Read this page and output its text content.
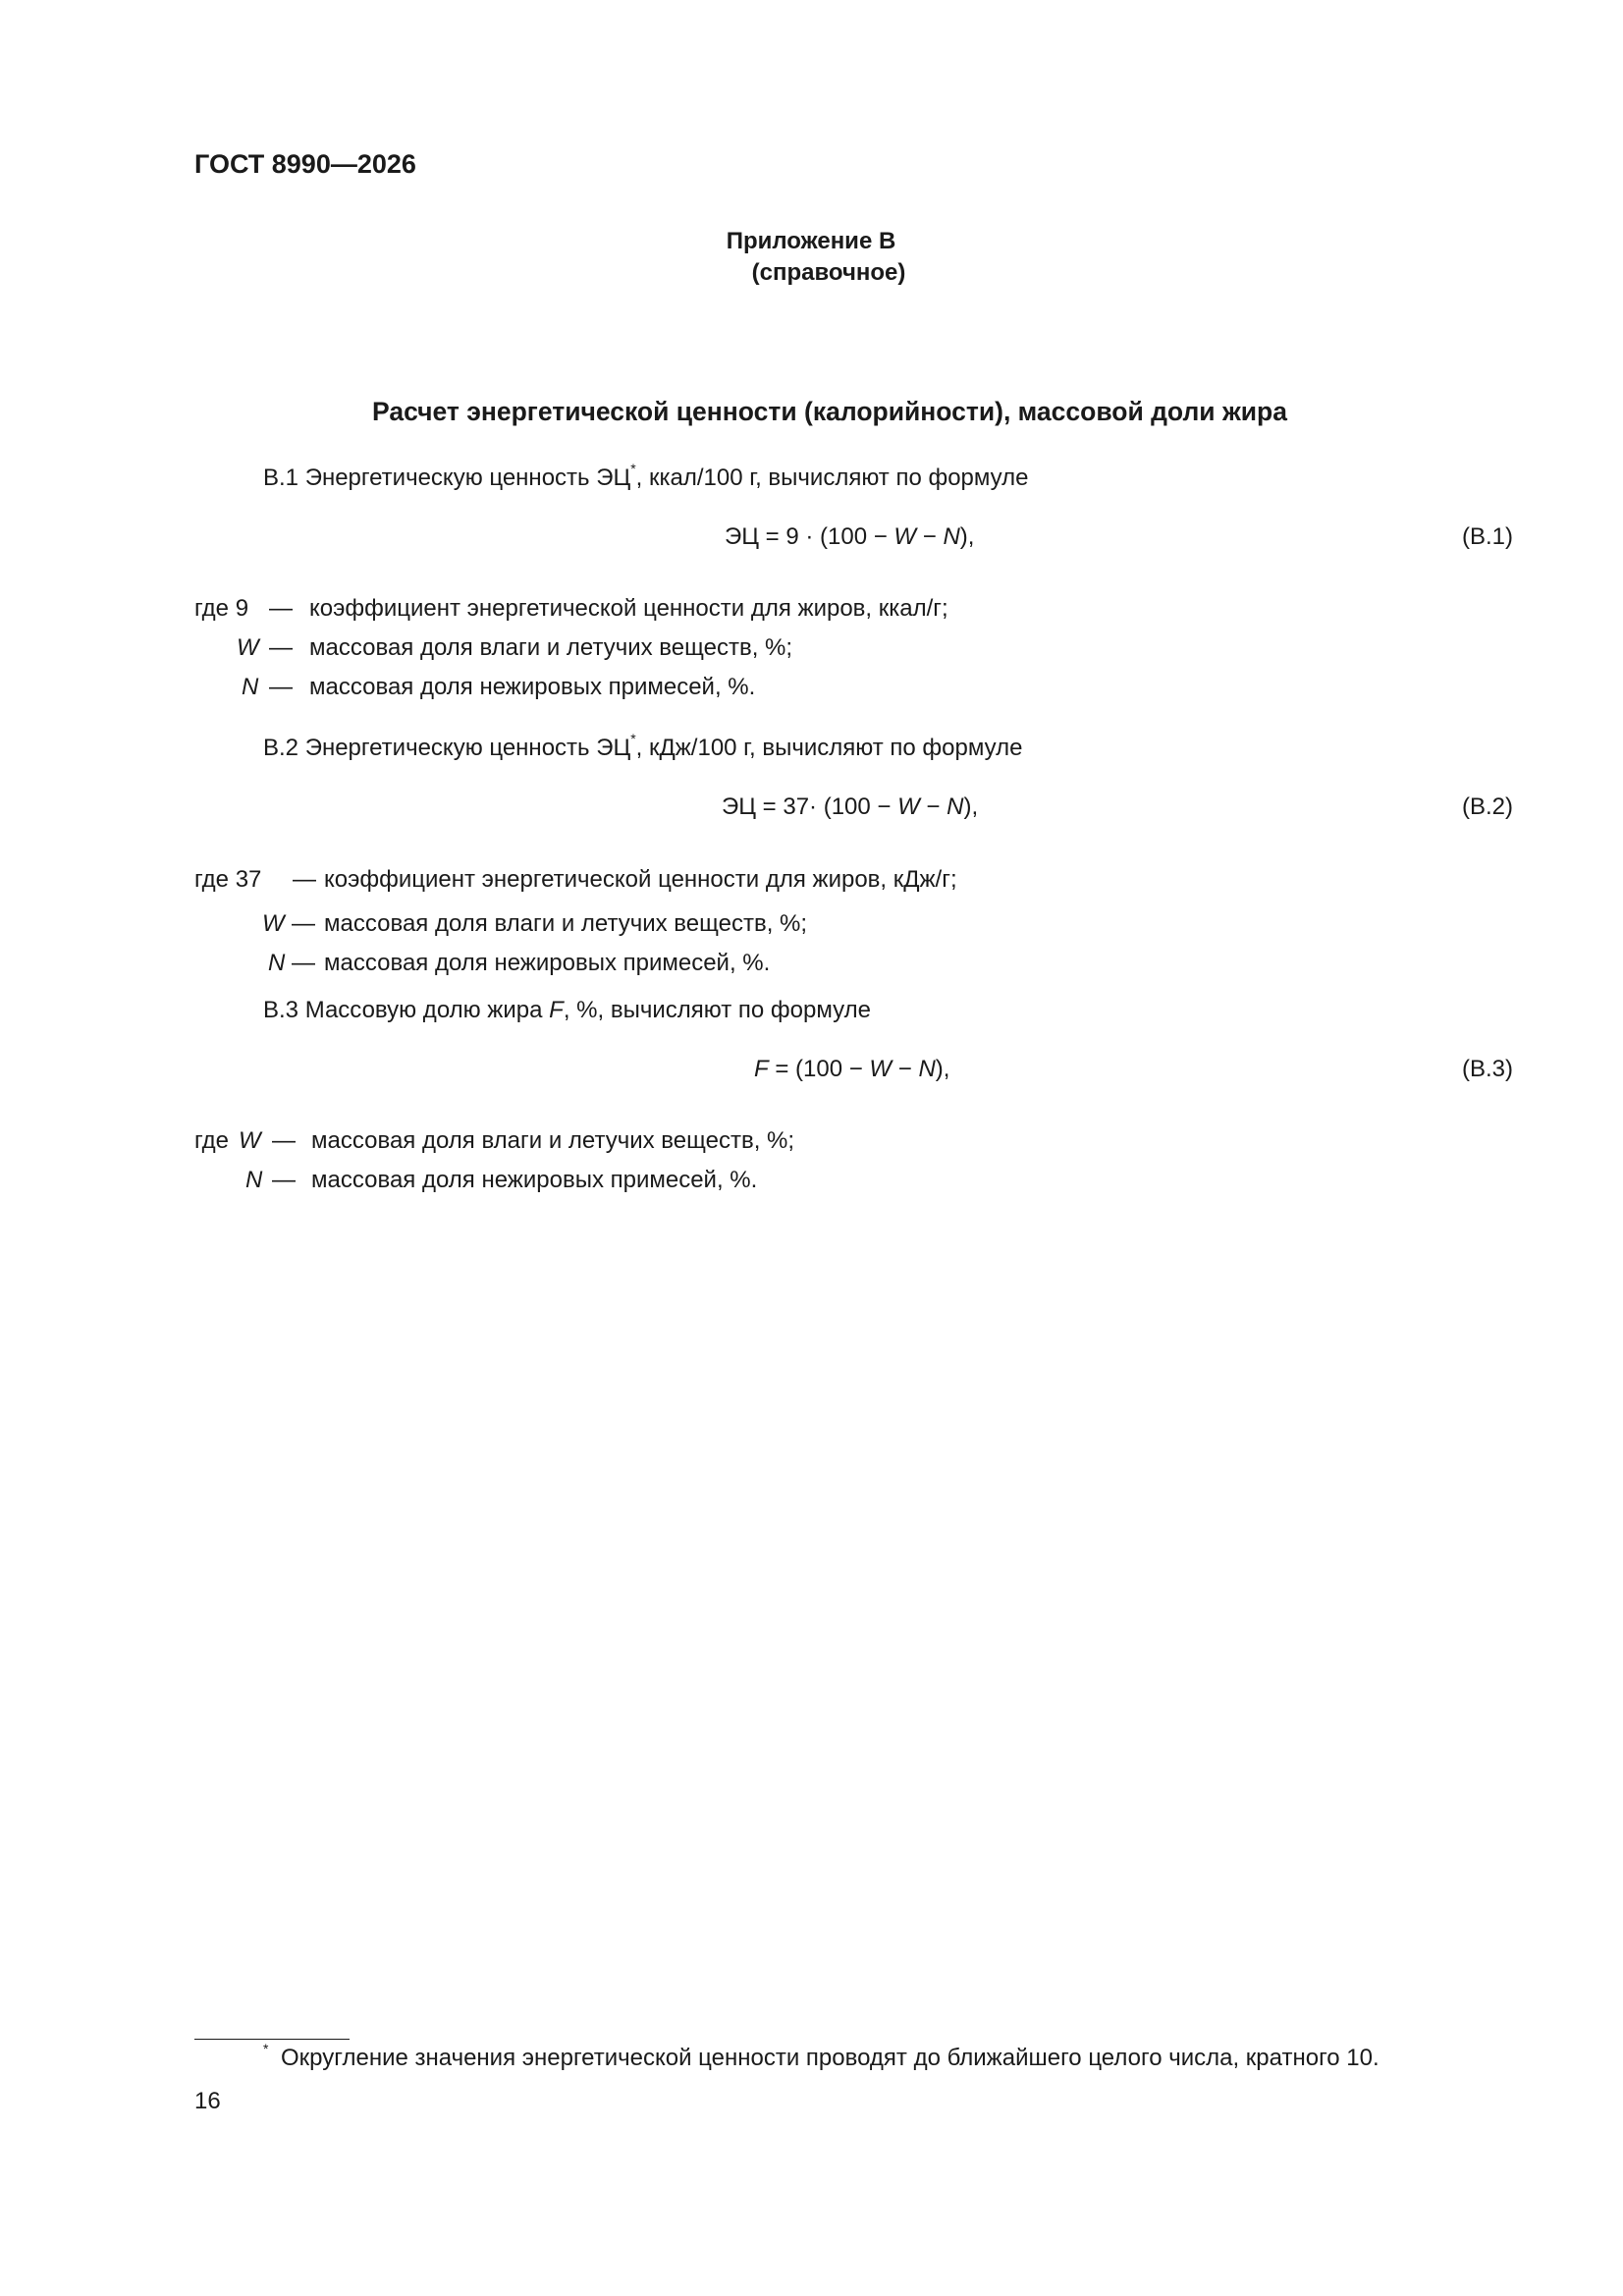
ГОСТ 8990—2026
Приложение В
(справочное)
Расчет энергетической ценности (калорийности), массовой доли жира
В.1 Энергетическую ценность ЭЦ*, ккал/100 г, вычисляют по формуле
ЭЦ = 9 · (100 − W − N),	(В.1)
где 9 — коэффициент энергетической ценности для жиров, ккал/г;
W — массовая доля влаги и летучих веществ, %;
N — массовая доля нежировых примесей, %.
В.2 Энергетическую ценность ЭЦ*, кДж/100 г, вычисляют по формуле
ЭЦ = 37· (100 − W − N),	(В.2)
где 37 — коэффициент энергетической ценности для жиров, кДж/г;
W — массовая доля влаги и летучих веществ, %;
N — массовая доля нежировых примесей, %.
В.3 Массовую долю жира F, %, вычисляют по формуле
F = (100 − W − N),	(В.3)
где W — массовая доля влаги и летучих веществ, %;
N — массовая доля нежировых примесей, %.
* Округление значения энергетической ценности проводят до ближайшего целого числа, кратного 10.
16
